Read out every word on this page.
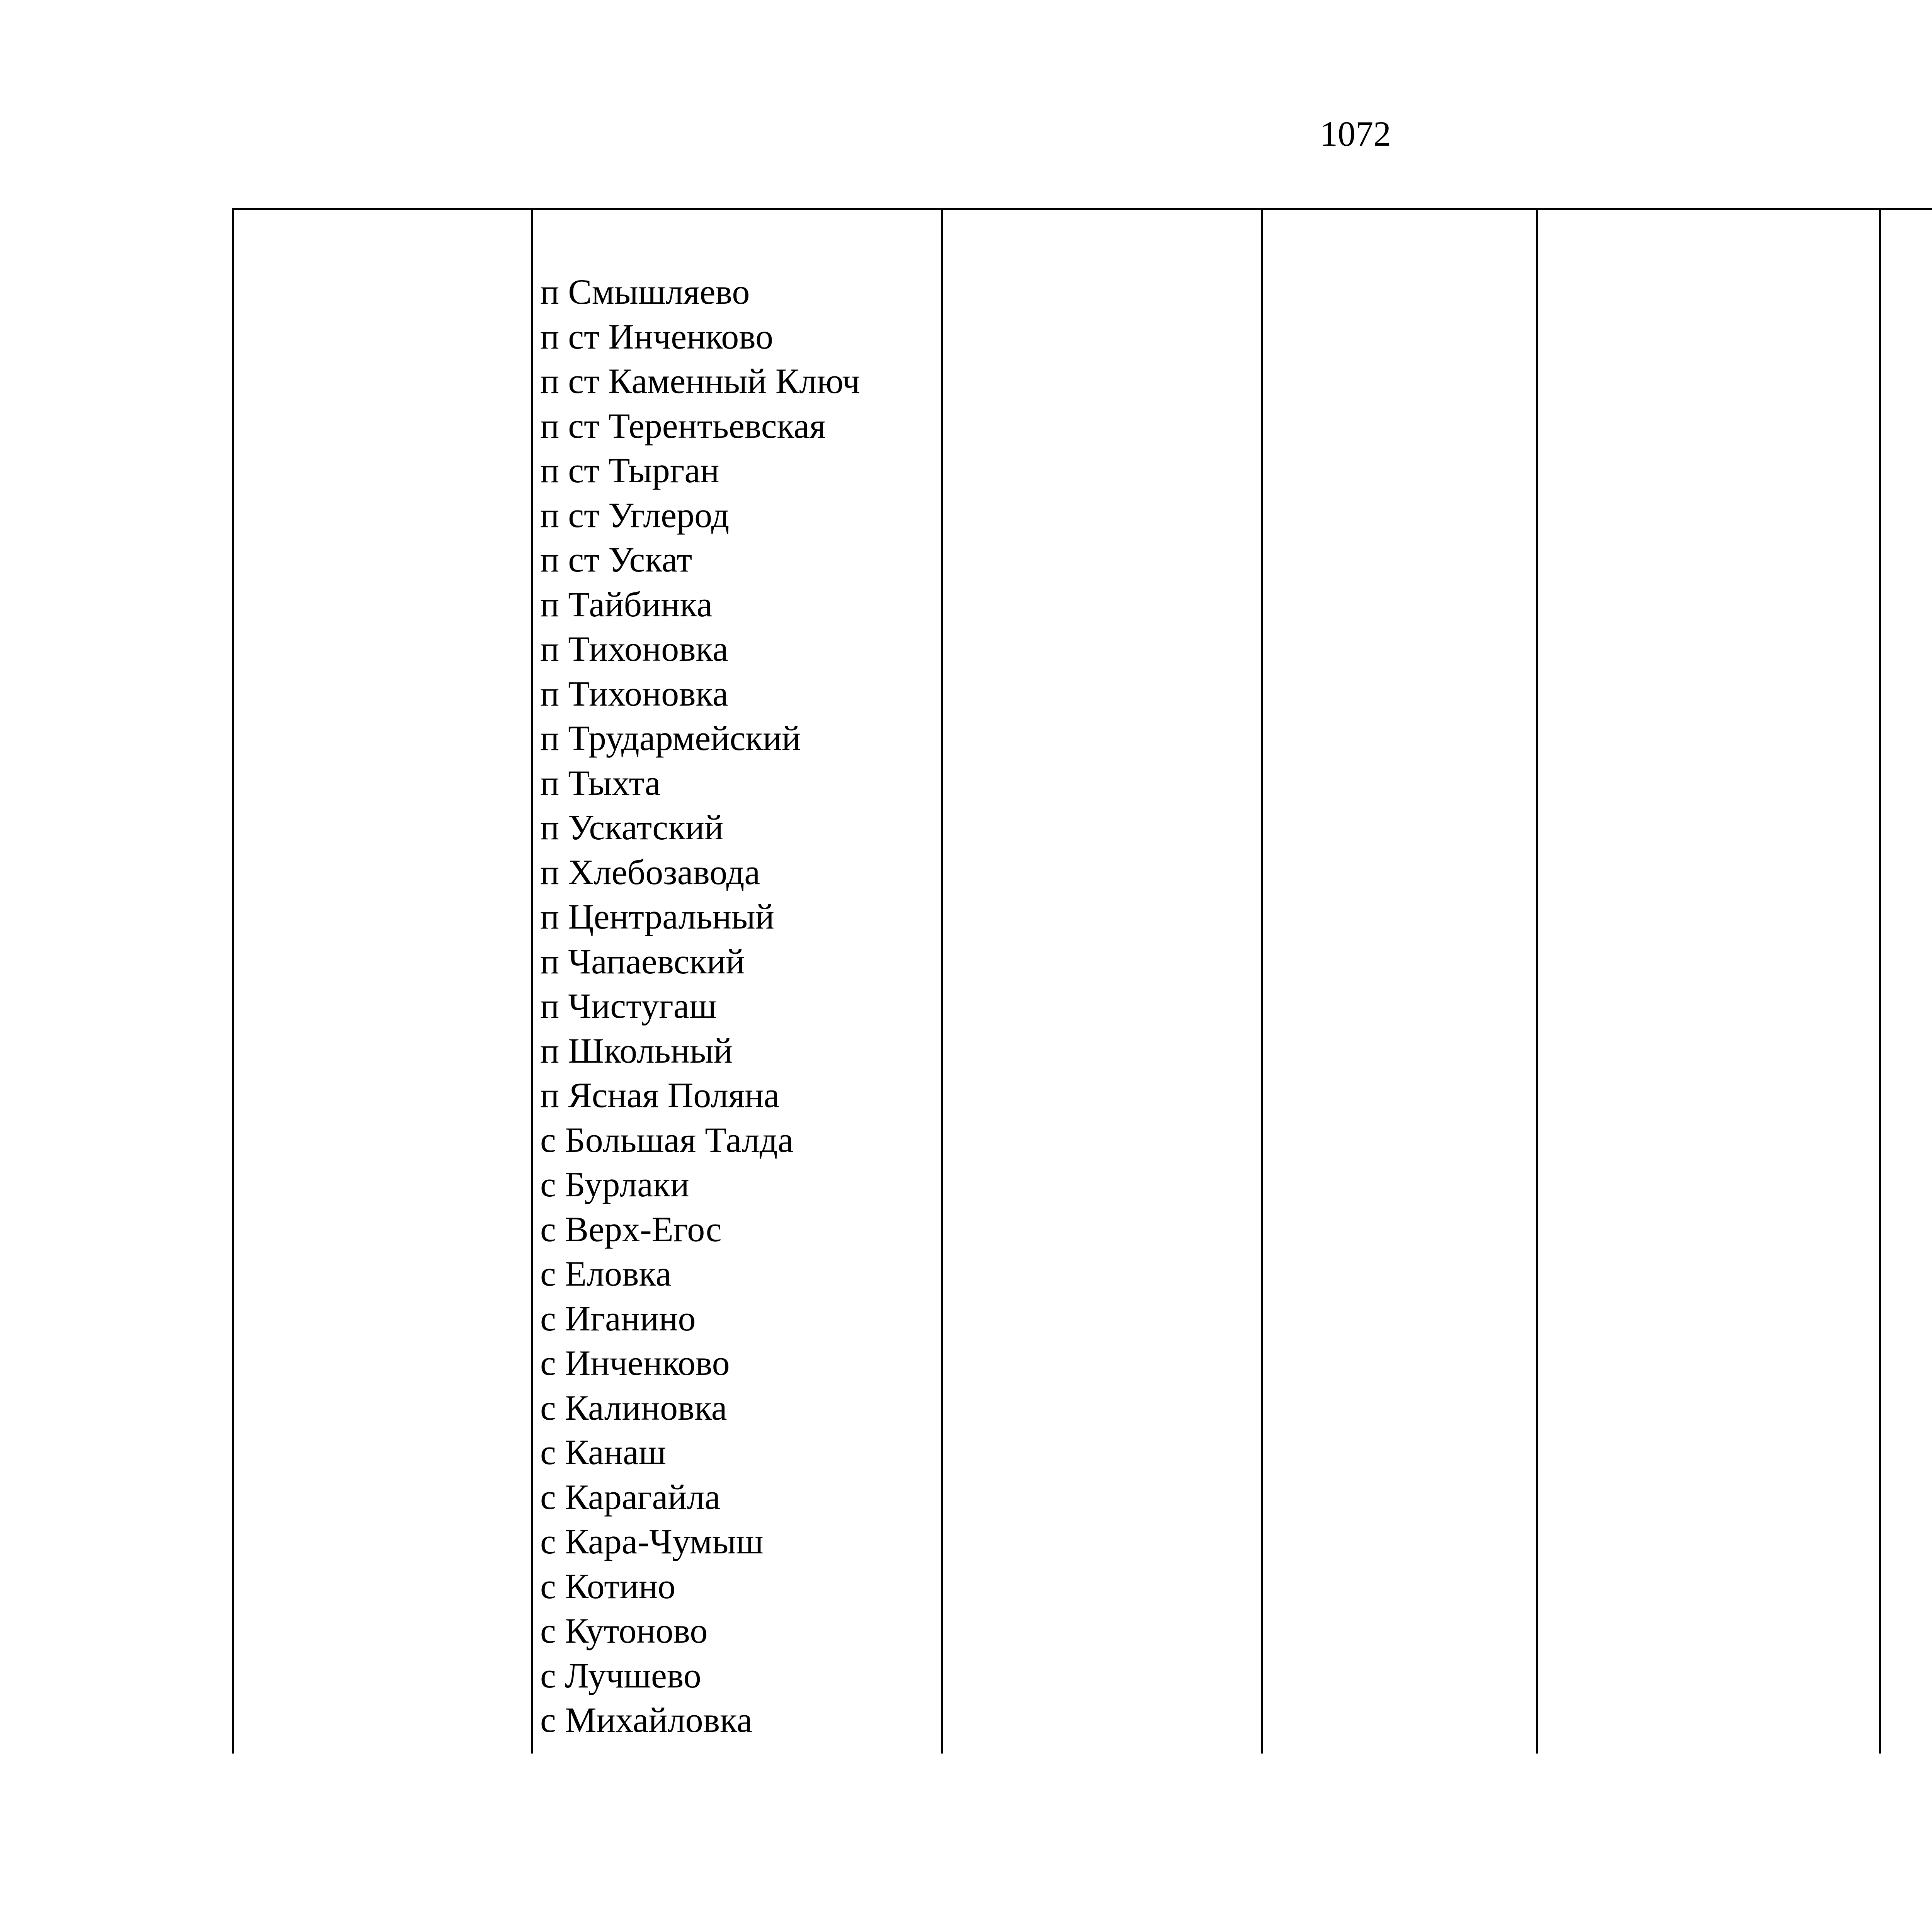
1072
п Смышляево
п ст Инченково
п ст Каменный Ключ
п ст Терентьевская
п ст Тырган
п ст Углерод
п ст Ускат
п Тайбинка
п Тихоновка
п Тихоновка
п Трудармейский
п Тыхта
п Ускатский
п Хлебозавода
п Центральный
п Чапаевский
п Чистугаш
п Школьный
п Ясная Поляна
с Большая Талда
с Бурлаки
с Верх-Егос
с Еловка
с Иганино
с Инченково
с Калиновка
с Канаш
с Карагайла
с Кара-Чумыш
с Котино
с Кутоново
с Лучшево
с Михайловка
